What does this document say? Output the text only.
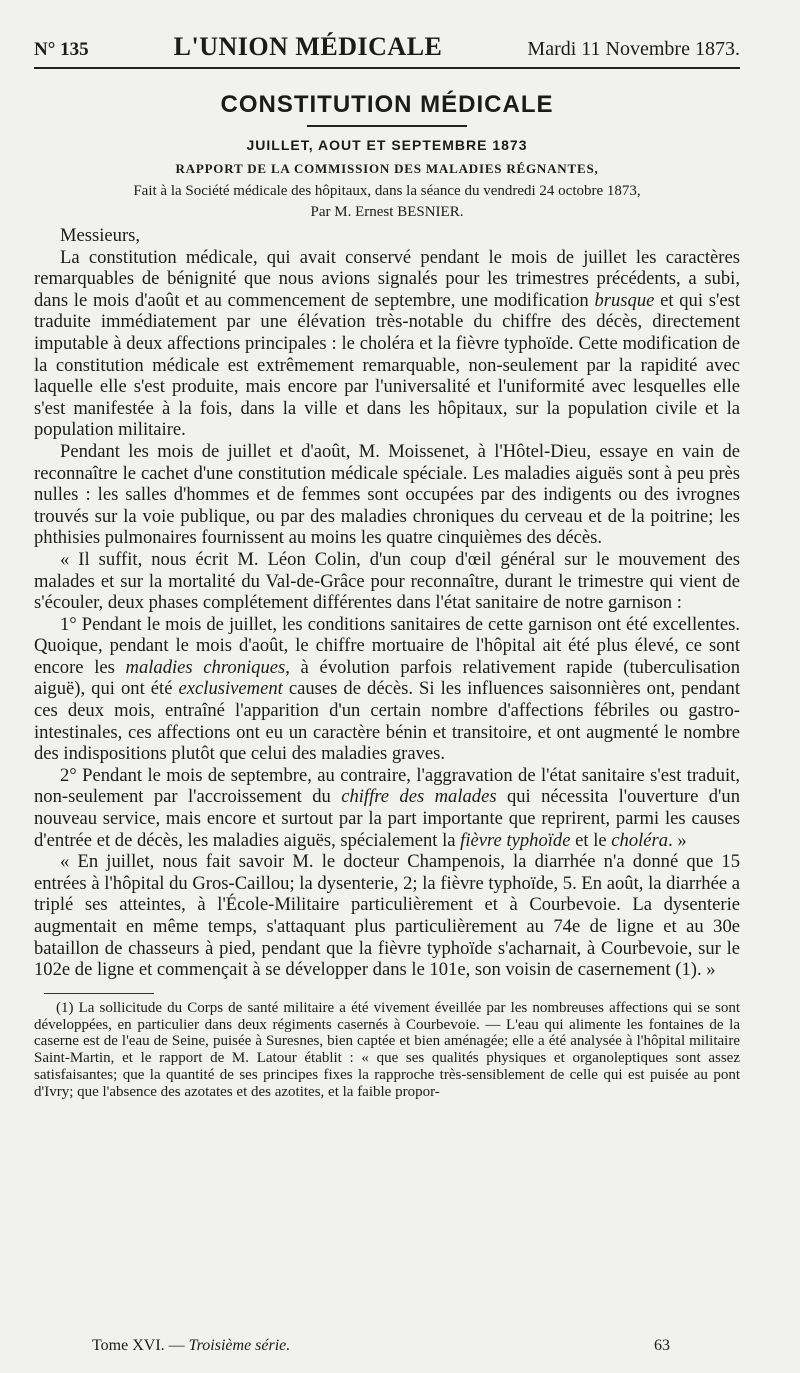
N° 135	L'UNION MÉDICALE	Mardi 11 Novembre 1873.
CONSTITUTION MÉDICALE
JUILLET, AOUT ET SEPTEMBRE 1873
RAPPORT DE LA COMMISSION DES MALADIES RÉGNANTES,
Fait à la Société médicale des hôpitaux, dans la séance du vendredi 24 octobre 1873,
Par M. Ernest BESNIER.

Messieurs,

La constitution médicale, qui avait conservé pendant le mois de juillet les caractères remarquables de bénignité que nous avions signalés pour les trimestres précédents, a subi, dans le mois d'août et au commencement de septembre, une modification brusque et qui s'est traduite immédiatement par une élévation très-notable du chiffre des décès, directement imputable à deux affections principales : le choléra et la fièvre typhoïde. Cette modification de la constitution médicale est extrêmement remarquable, non-seulement par la rapidité avec laquelle elle s'est produite, mais encore par l'universalité et l'uniformité avec lesquelles elle s'est manifestée à la fois, dans la ville et dans les hôpitaux, sur la population civile et la population militaire.

Pendant les mois de juillet et d'août, M. Moissenet, à l'Hôtel-Dieu, essaye en vain de reconnaître le cachet d'une constitution médicale spéciale. Les maladies aiguës sont à peu près nulles : les salles d'hommes et de femmes sont occupées par des indigents ou des ivrognes trouvés sur la voie publique, ou par des maladies chroniques du cerveau et de la poitrine; les phthisies pulmonaires fournissent au moins les quatre cinquièmes des décès.

« Il suffit, nous écrit M. Léon Colin, d'un coup d'œil général sur le mouvement des malades et sur la mortalité du Val-de-Grâce pour reconnaître, durant le trimestre qui vient de s'écouler, deux phases complétement différentes dans l'état sanitaire de notre garnison :

1° Pendant le mois de juillet, les conditions sanitaires de cette garnison ont été excellentes. Quoique, pendant le mois d'août, le chiffre mortuaire de l'hôpital ait été plus élevé, ce sont encore les maladies chroniques, à évolution parfois relativement rapide (tuberculisation aiguë), qui ont été exclusivement causes de décès. Si les influences saisonnières ont, pendant ces deux mois, entraîné l'apparition d'un certain nombre d'affections fébriles ou gastro-intestinales, ces affections ont eu un caractère bénin et transitoire, et ont augmenté le nombre des indispositions plutôt que celui des maladies graves.

2° Pendant le mois de septembre, au contraire, l'aggravation de l'état sanitaire s'est traduit, non-seulement par l'accroissement du chiffre des malades qui nécessita l'ouverture d'un nouveau service, mais encore et surtout par la part importante que reprirent, parmi les causes d'entrée et de décès, les maladies aiguës, spécialement la fièvre typhoïde et le choléra. »

« En juillet, nous fait savoir M. le docteur Champenois, la diarrhée n'a donné que 15 entrées à l'hôpital du Gros-Caillou; la dysenterie, 2; la fièvre typhoïde, 5. En août, la diarrhée a triplé ses atteintes, à l'École-Militaire particulièrement et à Courbevoie. La dysenterie augmentait en même temps, s'attaquant plus particulièrement au 74e de ligne et au 30e bataillon de chasseurs à pied, pendant que la fièvre typhoïde s'acharnait, à Courbevoie, sur le 102e de ligne et commençait à se développer dans le 101e, son voisin de casernement (1). »

(1) La sollicitude du Corps de santé militaire a été vivement éveillée par les nombreuses affections qui se sont développées, en particulier dans deux régiments casernés à Courbevoie. — L'eau qui alimente les fontaines de la caserne est de l'eau de Seine, puisée à Suresnes, bien captée et bien aménagée; elle a été analysée à l'hôpital militaire Saint-Martin, et le rapport de M. Latour établit : « que ses qualités physiques et organoleptiques sont assez satisfaisantes; que la quantité de ses principes fixes la rapproche très-sensiblement de celle qui est puisée au pont d'Ivry; que l'absence des azotates et des azotites, et la faible propor-

Tome XVI. — Troisième série.	63
